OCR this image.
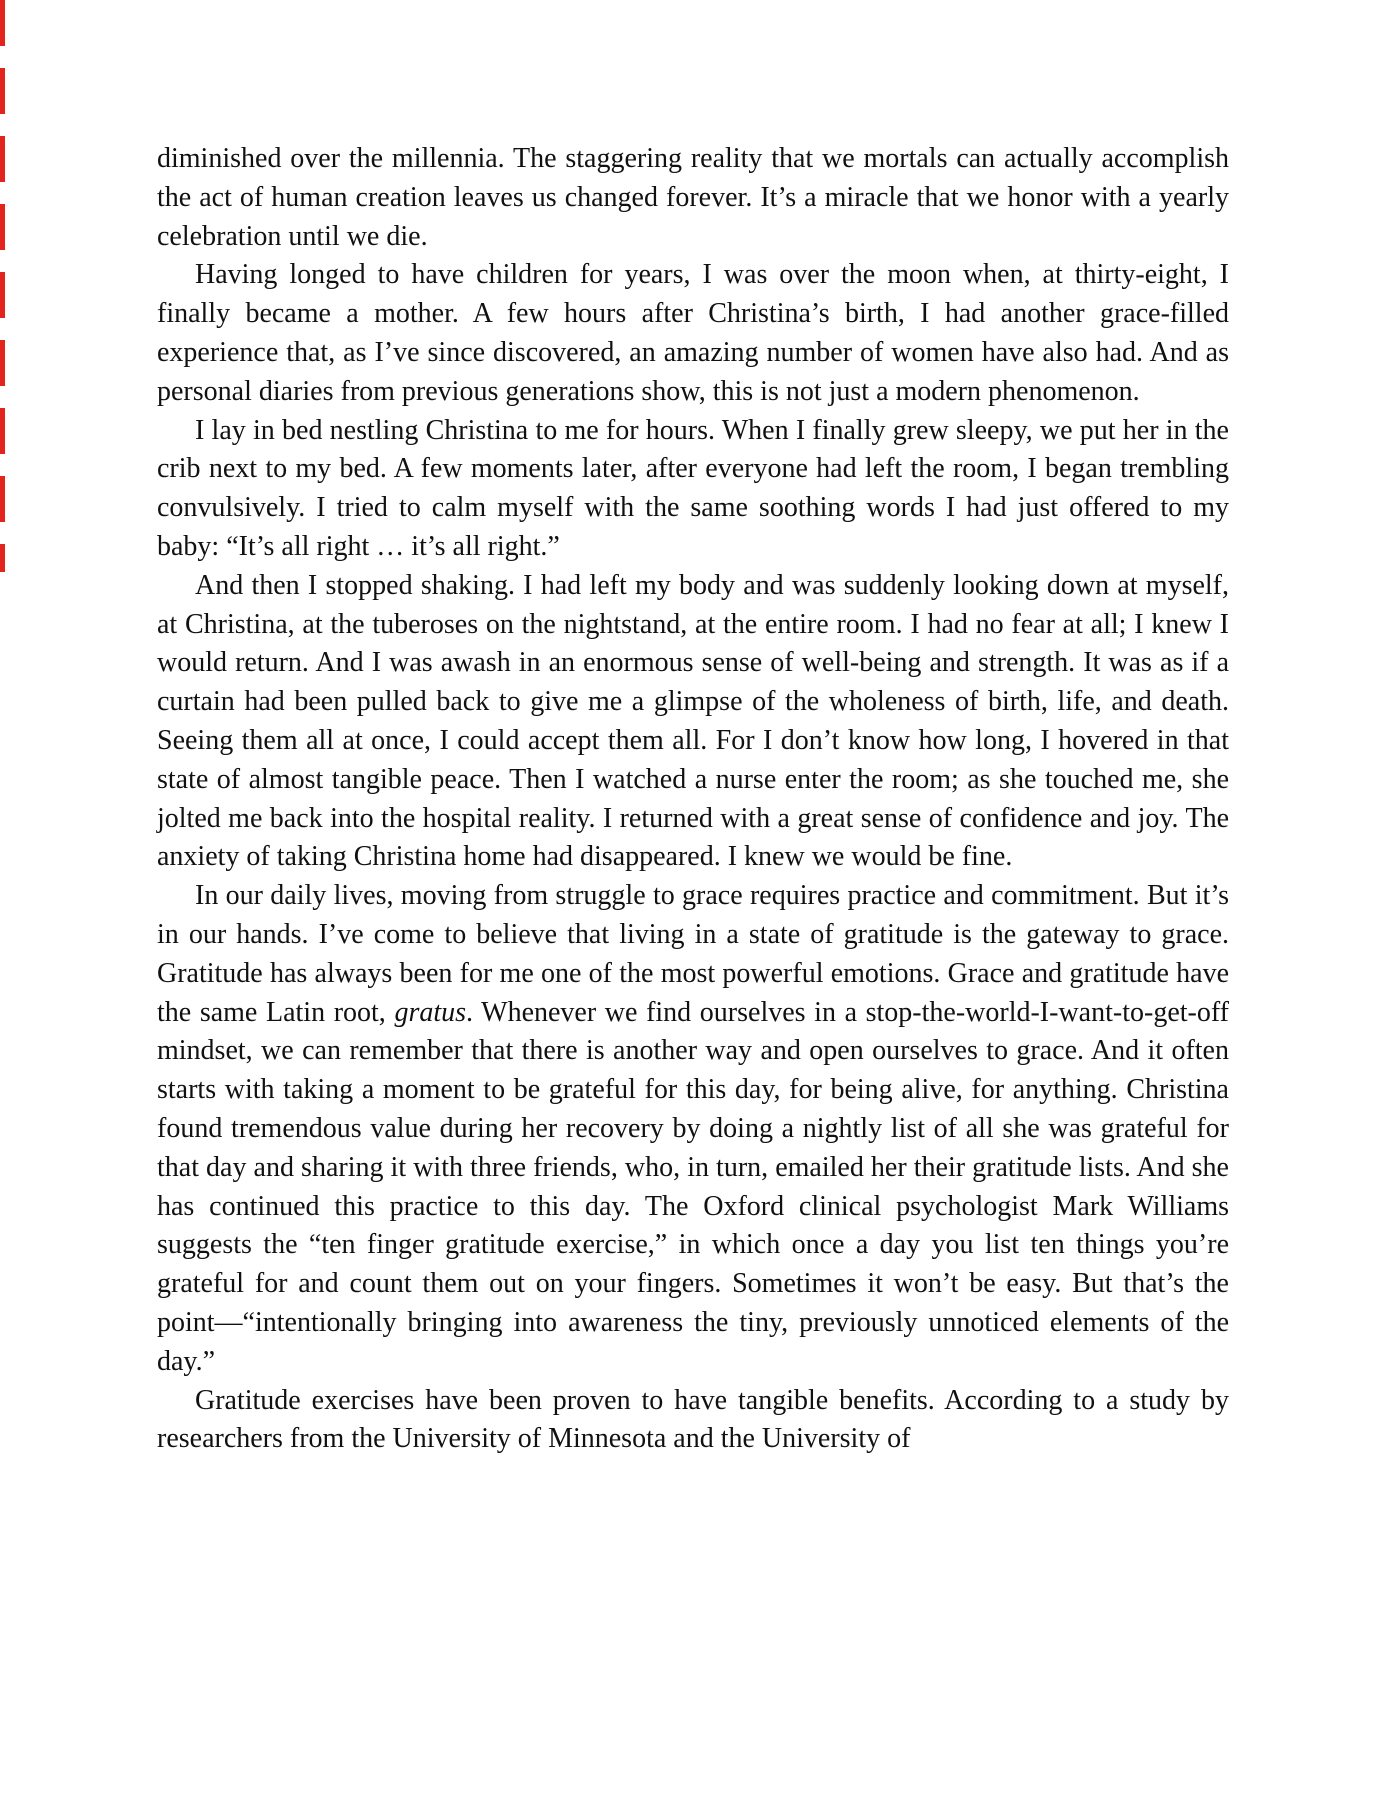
diminished over the millennia. The staggering reality that we mortals can actually accomplish the act of human creation leaves us changed forever. It’s a miracle that we honor with a yearly celebration until we die.

Having longed to have children for years, I was over the moon when, at thirty-eight, I finally became a mother. A few hours after Christina’s birth, I had another grace-filled experience that, as I’ve since discovered, an amazing number of women have also had. And as personal diaries from previous generations show, this is not just a modern phenomenon.

I lay in bed nestling Christina to me for hours. When I finally grew sleepy, we put her in the crib next to my bed. A few moments later, after everyone had left the room, I began trembling convulsively. I tried to calm myself with the same soothing words I had just offered to my baby: “It’s all right … it’s all right.”

And then I stopped shaking. I had left my body and was suddenly looking down at myself, at Christina, at the tuberoses on the nightstand, at the entire room. I had no fear at all; I knew I would return. And I was awash in an enormous sense of well-being and strength. It was as if a curtain had been pulled back to give me a glimpse of the wholeness of birth, life, and death. Seeing them all at once, I could accept them all. For I don’t know how long, I hovered in that state of almost tangible peace. Then I watched a nurse enter the room; as she touched me, she jolted me back into the hospital reality. I returned with a great sense of confidence and joy. The anxiety of taking Christina home had disappeared. I knew we would be fine.

In our daily lives, moving from struggle to grace requires practice and commitment. But it’s in our hands. I’ve come to believe that living in a state of gratitude is the gateway to grace. Gratitude has always been for me one of the most powerful emotions. Grace and gratitude have the same Latin root, gratus. Whenever we find ourselves in a stop-the-world-I-want-to-get-off mindset, we can remember that there is another way and open ourselves to grace. And it often starts with taking a moment to be grateful for this day, for being alive, for anything. Christina found tremendous value during her recovery by doing a nightly list of all she was grateful for that day and sharing it with three friends, who, in turn, emailed her their gratitude lists. And she has continued this practice to this day. The Oxford clinical psychologist Mark Williams suggests the “ten finger gratitude exercise,” in which once a day you list ten things you’re grateful for and count them out on your fingers. Sometimes it won’t be easy. But that’s the point—“intentionally bringing into awareness the tiny, previously unnoticed elements of the day.”

Gratitude exercises have been proven to have tangible benefits. According to a study by researchers from the University of Minnesota and the University of
